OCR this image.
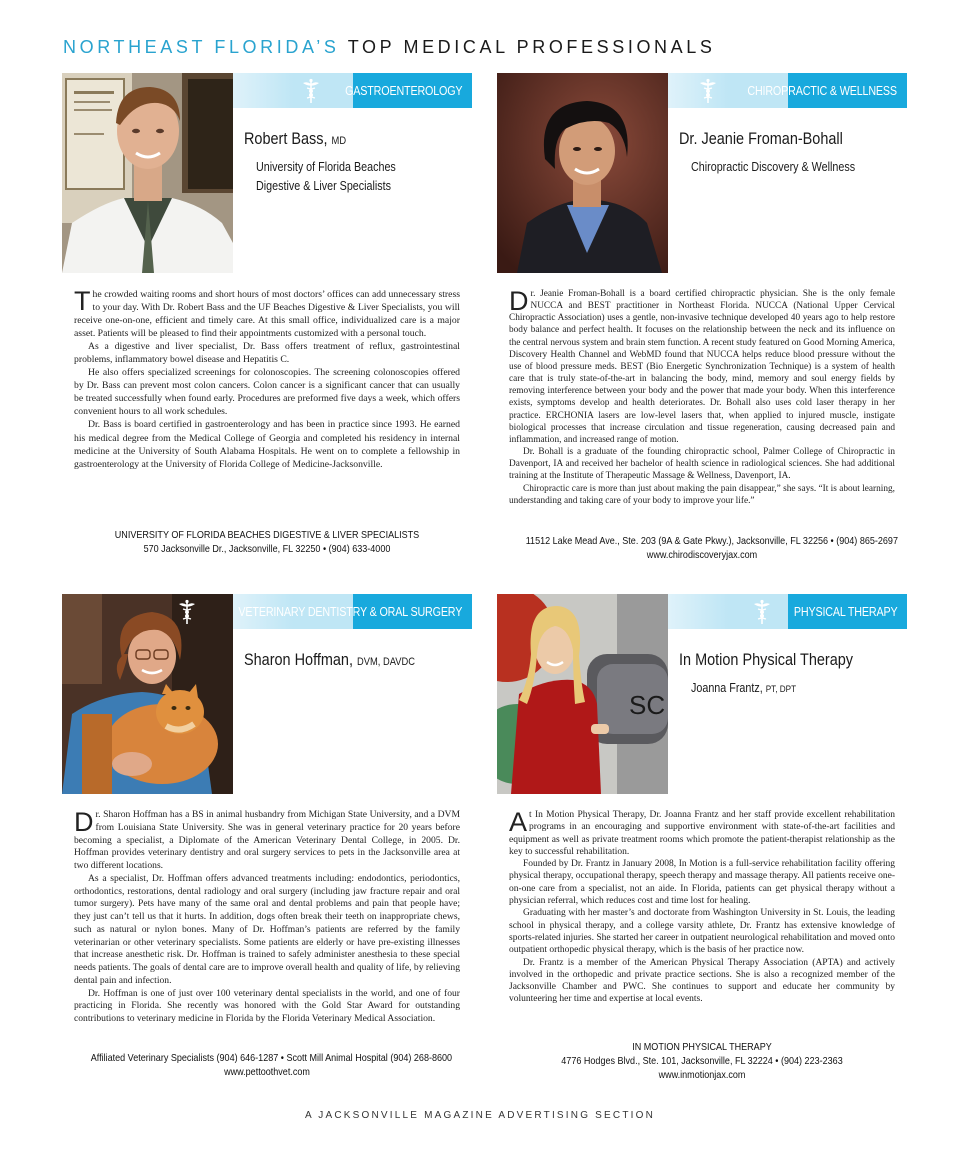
NORTHEAST FLORIDA’S TOP MEDICAL PROFESSIONALS
GASTROENTEROLOGY
Robert Bass, MD
University of Florida Beaches
Digestive & Liver Specialists

The crowded waiting rooms and short hours of most doctors’ offices can add unnecessary stress to your day. With Dr. Robert Bass and the UF Beaches Digestive & Liver Specialists, you will receive one-on-one, efficient and timely care. At this small office, individualized care is a major asset. Patients will be pleased to find their appointments customized with a personal touch.

As a digestive and liver specialist, Dr. Bass offers treatment of reflux, gastrointestinal problems, inflammatory bowel disease and Hepatitis C.

He also offers specialized screenings for colonoscopies. The screening colonoscopies offered by Dr. Bass can prevent most colon cancers. Colon cancer is a significant cancer that can usually be treated successfully when found early. Procedures are preformed five days a week, which offers convenient hours to all work schedules.

Dr. Bass is board certified in gastroenterology and has been in practice since 1993. He earned his medical degree from the Medical College of Georgia and completed his residency in internal medicine at the University of South Alabama Hospitals. He went on to complete a fellowship in gastroenterology at the University of Florida College of Medicine-Jacksonville.

UNIVERSITY OF FLORIDA BEACHES DIGESTIVE & LIVER SPECIALISTS
570 Jacksonville Dr., Jacksonville, FL 32250 • (904) 633-4000
CHIROPRACTIC & WELLNESS
Dr. Jeanie Froman-Bohall
Chiropractic Discovery & Wellness

Dr. Jeanie Froman-Bohall is a board certified chiropractic physician. She is the only female NUCCA and BEST practitioner in Northeast Florida. NUCCA (National Upper Cervical Chiropractic Association) uses a gentle, non-invasive technique developed 40 years ago to help restore body balance and perfect health. It focuses on the relationship between the neck and its influence on the central nervous system and brain stem function. A recent study featured on Good Morning America, Discovery Health Channel and WebMD found that NUCCA helps reduce blood pressure without the use of blood pressure meds. BEST (Bio Energetic Synchronization Technique) is a system of health care that is truly state-of-the-art in balancing the body, mind, memory and soul energy fields by removing interference between your body and the power that made your body. When this interference exists, symptoms develop and health deteriorates. Dr. Bohall also uses cold laser therapy in her practice. ERCHONIA lasers are low-level lasers that, when applied to injured muscle, instigate biological processes that increase circulation and tissue regeneration, causing decreased pain and inflammation, and increased range of motion.

Dr. Bohall is a graduate of the founding chiropractic school, Palmer College of Chiropractic in Davenport, IA and received her bachelor of health science in radiological sciences. She had additional training at the Institute of Therapeutic Massage & Wellness, Davenport, IA.

Chiropractic care is more than just about making the pain disappear,” she says. “It is about learning, understanding and taking care of your body to improve your life.”

11512 Lake Mead Ave., Ste. 203 (9A & Gate Pkwy.), Jacksonville, FL 32256 • (904) 865-2697
www.chirodiscoveryjax.com
VETERINARY DENTISTRY & ORAL SURGERY
Sharon Hoffman, DVM, DAVDC

Dr. Sharon Hoffman has a BS in animal husbandry from Michigan State University, and a DVM from Louisiana State University. She was in general veterinary practice for 20 years before becoming a specialist, a Diplomate of the American Veterinary Dental College, in 2005. Dr. Hoffman provides veterinary dentistry and oral surgery services to pets in the Jacksonville area at two different locations.

As a specialist, Dr. Hoffman offers advanced treatments including: endodontics, periodontics, orthodontics, restorations, dental radiology and oral surgery (including jaw fracture repair and oral tumor surgery). Pets have many of the same oral and dental problems and pain that people have; they just can’t tell us that it hurts. In addition, dogs often break their teeth on inappropriate chews, such as natural or nylon bones. Many of Dr. Hoffman’s patients are referred by the family veterinarian or other veterinary specialists. Some patients are elderly or have pre-existing illnesses that increase anesthetic risk. Dr. Hoffman is trained to safely administer anesthesia to these special needs patients. The goals of dental care are to improve overall health and quality of life, by relieving dental pain and infection.

Dr. Hoffman is one of just over 100 veterinary dental specialists in the world, and one of four practicing in Florida. She recently was honored with the Gold Star Award for outstanding contributions to veterinary medicine in Florida by the Florida Veterinary Medical Association.

Affiliated Veterinary Specialists (904) 646-1287 • Scott Mill Animal Hospital (904) 268-8600
www.pettoothvet.com
SC
PHYSICAL THERAPY
In Motion Physical Therapy
Joanna Frantz, PT, DPT

At In Motion Physical Therapy, Dr. Joanna Frantz and her staff provide excellent rehabilitation programs in an encouraging and supportive environment with state-of-the-art facilities and equipment as well as private treatment rooms which promote the patient-therapist relationship as the key to successful rehabilitation.

Founded by Dr. Frantz in January 2008, In Motion is a full-service rehabilitation facility offering physical therapy, occupational therapy, speech therapy and massage therapy. All patients receive one-on-one care from a specialist, not an aide. In Florida, patients can get physical therapy without a physician referral, which reduces cost and time lost for healing.

Graduating with her master’s and doctorate from Washington University in St. Louis, the leading school in physical therapy, and a college varsity athlete, Dr. Frantz has extensive knowledge of sports-related injuries. She started her career in outpatient neurological rehabilitation and moved onto outpatient orthopedic physical therapy, which is the basis of her practice now.

Dr. Frantz is a member of the American Physical Therapy Association (APTA) and actively involved in the orthopedic and private practice sections. She is also a recognized member of the Jacksonville Chamber and PWC. She continues to support and educate her community by volunteering her time and expertise at local events.

IN MOTION PHYSICAL THERAPY
4776 Hodges Blvd., Ste. 101, Jacksonville, FL 32224 • (904) 223-2363
www.inmotionjax.com
A JACKSONVILLE MAGAZINE ADVERTISING SECTION
